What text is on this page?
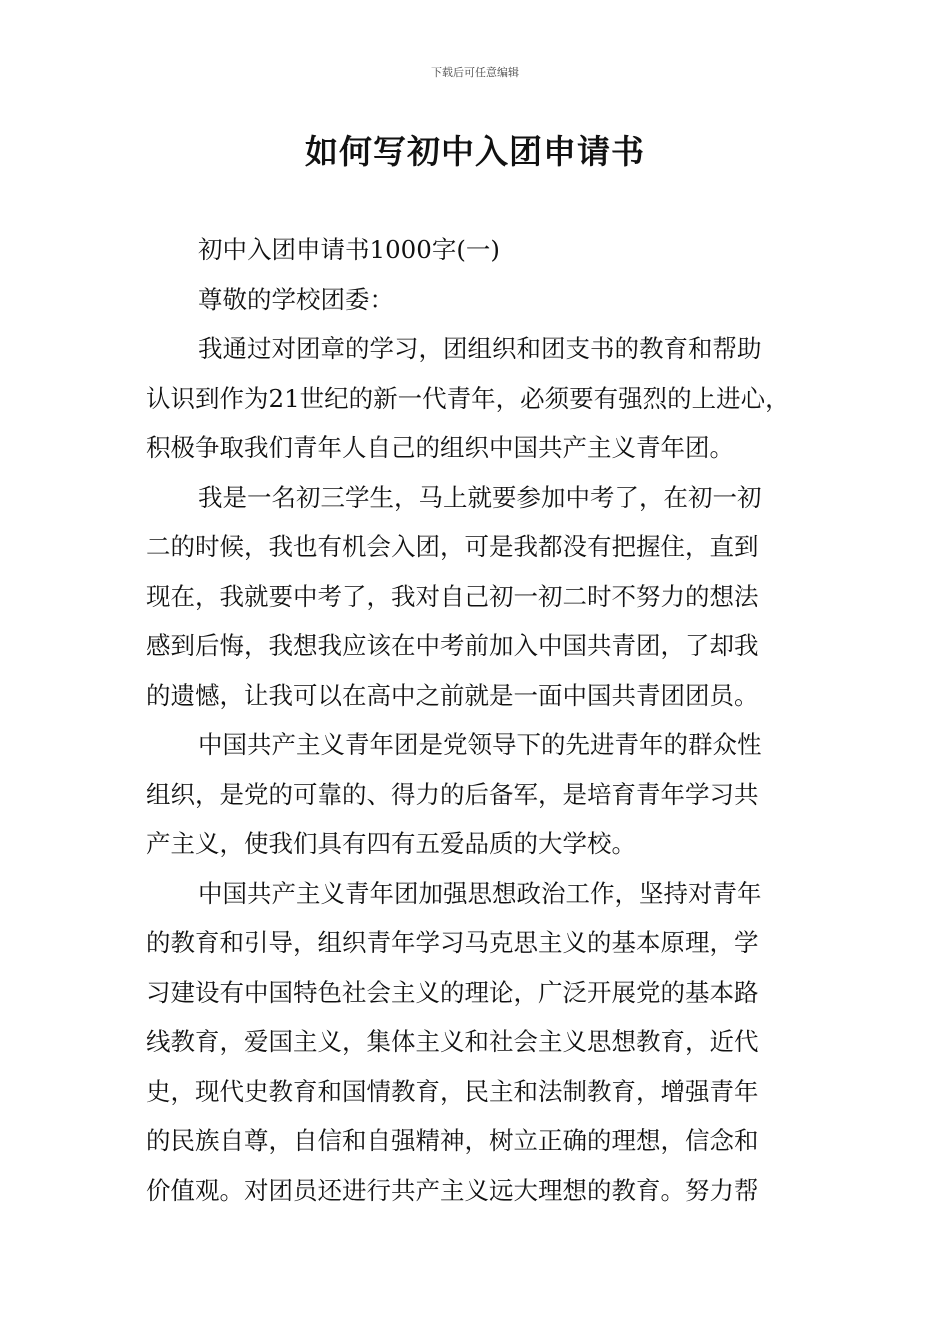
下载后可任意编辑
如何写初中入团申请书
初中入团申请书1000字(一)
尊敬的学校团委：
我通过对团章的学习，团组织和团支书的教育和帮助
认识到作为21世纪的新一代青年，必须要有强烈的上进心，
积极争取我们青年人自己的组织中国共产主义青年团。
我是一名初三学生，马上就要参加中考了，在初一初
二的时候，我也有机会入团，可是我都没有把握住，直到
现在，我就要中考了，我对自己初一初二时不努力的想法
感到后悔，我想我应该在中考前加入中国共青团，了却我
的遗憾，让我可以在高中之前就是一面中国共青团团员。
中国共产主义青年团是党领导下的先进青年的群众性
组织，是党的可靠的、得力的后备军，是培育青年学习共
产主义，使我们具有四有五爱品质的大学校。
中国共产主义青年团加强思想政治工作，坚持对青年
的教育和引导，组织青年学习马克思主义的基本原理，学
习建设有中国特色社会主义的理论，广泛开展党的基本路
线教育，爱国主义，集体主义和社会主义思想教育，近代
史，现代史教育和国情教育，民主和法制教育，增强青年
的民族自尊，自信和自强精神，树立正确的理想，信念和
价值观。对团员还进行共产主义远大理想的教育。努力帮
